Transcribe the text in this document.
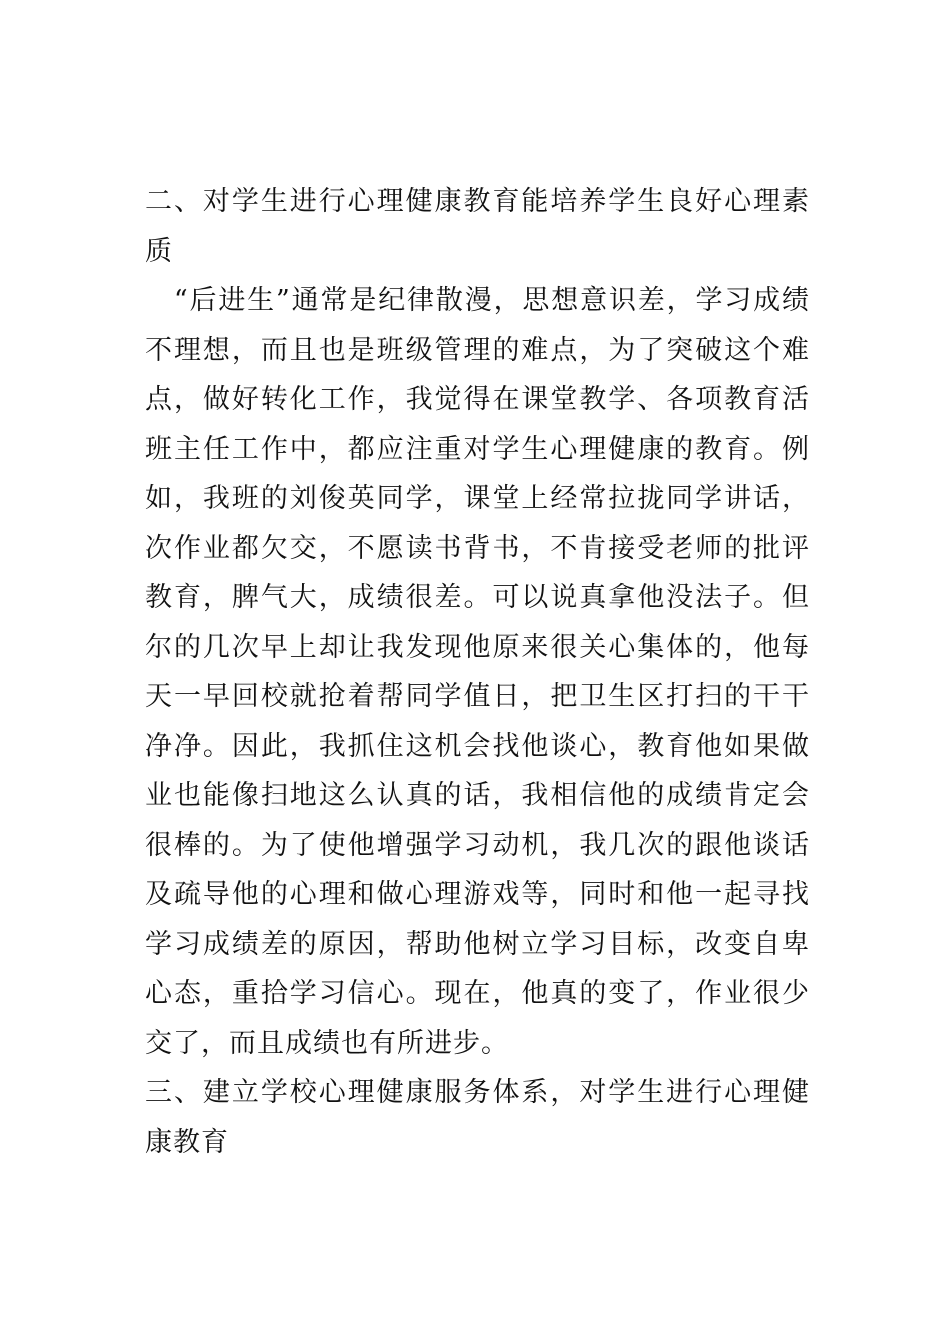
二、对学生进行心理健康教育能培养学生良好心理素
质
　“后进生”通常是纪律散漫，思想意识差，学习成绩
不理想，而且也是班级管理的难点，为了突破这个难
点，做好转化工作，我觉得在课堂教学、各项教育活
班主任工作中，都应注重对学生心理健康的教育。例
如，我班的刘俊英同学，课堂上经常拉拢同学讲话，
次作业都欠交，不愿读书背书，不肯接受老师的批评
教育，脾气大，成绩很差。可以说真拿他没法子。但
尔的几次早上却让我发现他原来很关心集体的，他每
天一早回校就抢着帮同学值日，把卫生区打扫的干干
净净。因此，我抓住这机会找他谈心，教育他如果做
业也能像扫地这么认真的话，我相信他的成绩肯定会
很棒的。为了使他增强学习动机，我几次的跟他谈话
及疏导他的心理和做心理游戏等，同时和他一起寻找
学习成绩差的原因，帮助他树立学习目标，改变自卑
心态，重拾学习信心。现在，他真的变了，作业很少
交了，而且成绩也有所进步。
三、建立学校心理健康服务体系，对学生进行心理健
康教育
